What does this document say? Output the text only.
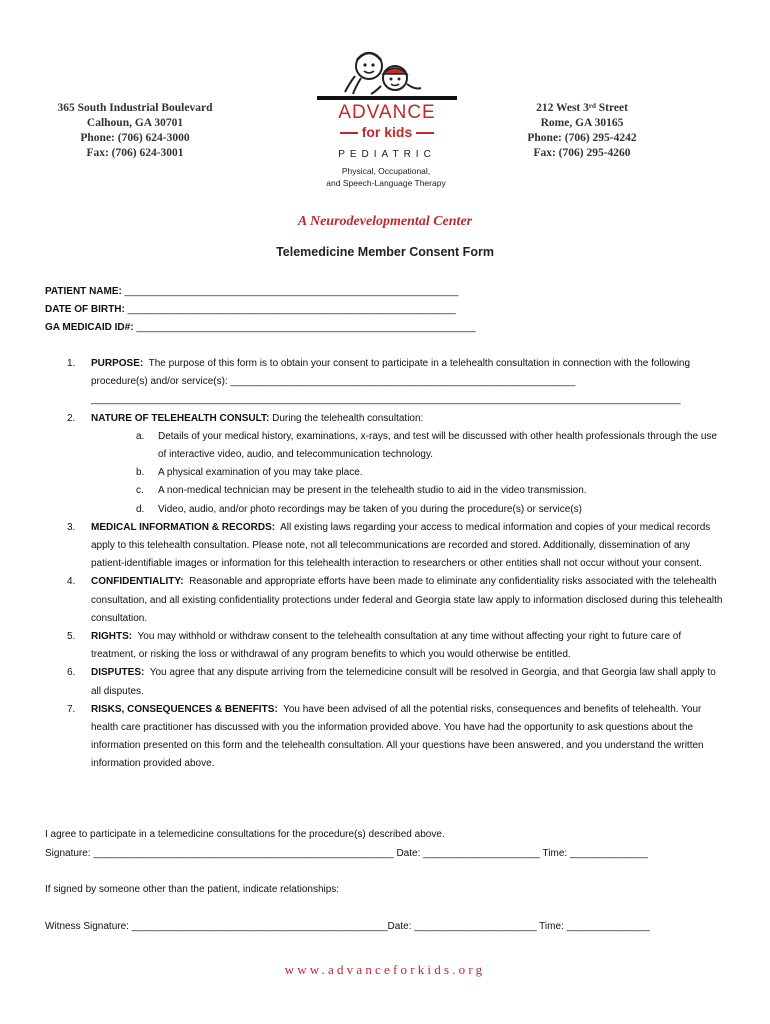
365 South Industrial Boulevard
Calhoun, GA 30701
Phone: (706) 624-3000
Fax: (706) 624-3001
212 West 3rd Street
Rome, GA 30165
Phone: (706) 295-4242
Fax: (706) 295-4260
ADVANCE
for kids
PEDIATRIC
Physical, Occupational,
and Speech-Language Therapy
A Neurodevelopmental Center
Telemedicine Member Consent Form
PATIENT NAME: ____________________________________________________________
DATE OF BIRTH: ___________________________________________________________
GA MEDICAID ID#: _____________________________________________________________
1. PURPOSE: The purpose of this form is to obtain your consent to participate in a telehealth consultation in connection with the following procedure(s) and/or service(s): ______________________________________________________________
__________________________________________________________________________________________________________
2. NATURE OF TELEHEALTH CONSULT: During the telehealth consultation:
a. Details of your medical history, examinations, x-rays, and test will be discussed with other health professionals through the use of interactive video, audio, and telecommunication technology.
b. A physical examination of you may take place.
c. A non-medical technician may be present in the telehealth studio to aid in the video transmission.
d. Video, audio, and/or photo recordings may be taken of you during the procedure(s) or service(s)
3. MEDICAL INFORMATION & RECORDS: All existing laws regarding your access to medical information and copies of your medical records apply to this telehealth consultation. Please note, not all telecommunications are recorded and stored. Additionally, dissemination of any patient-identifiable images or information for this telehealth interaction to researchers or other entities shall not occur without your consent.
4. CONFIDENTIALITY: Reasonable and appropriate efforts have been made to eliminate any confidentiality risks associated with the telehealth consultation, and all existing confidentiality protections under federal and Georgia state law apply to information disclosed during this telehealth consultation.
5. RIGHTS: You may withhold or withdraw consent to the telehealth consultation at any time without affecting your right to future care of treatment, or risking the loss or withdrawal of any program benefits to which you would otherwise be entitled.
6. DISPUTES: You agree that any dispute arriving from the telemedicine consult will be resolved in Georgia, and that Georgia law shall apply to all disputes.
7. RISKS, CONSEQUENCES & BENEFITS: You have been advised of all the potential risks, consequences and benefits of telehealth. Your health care practitioner has discussed with you the information provided above. You have had the opportunity to ask questions about the information presented on this form and the telehealth consultation. All your questions have been answered, and you understand the written information provided above.
I agree to participate in a telemedicine consultations for the procedure(s) described above.
Signature: ______________________________________________________ Date: _____________________ Time: ______________
If signed by someone other than the patient, indicate relationships:
Witness Signature: ______________________________________________Date: ______________________ Time: _______________
www.advanceforkids.org
